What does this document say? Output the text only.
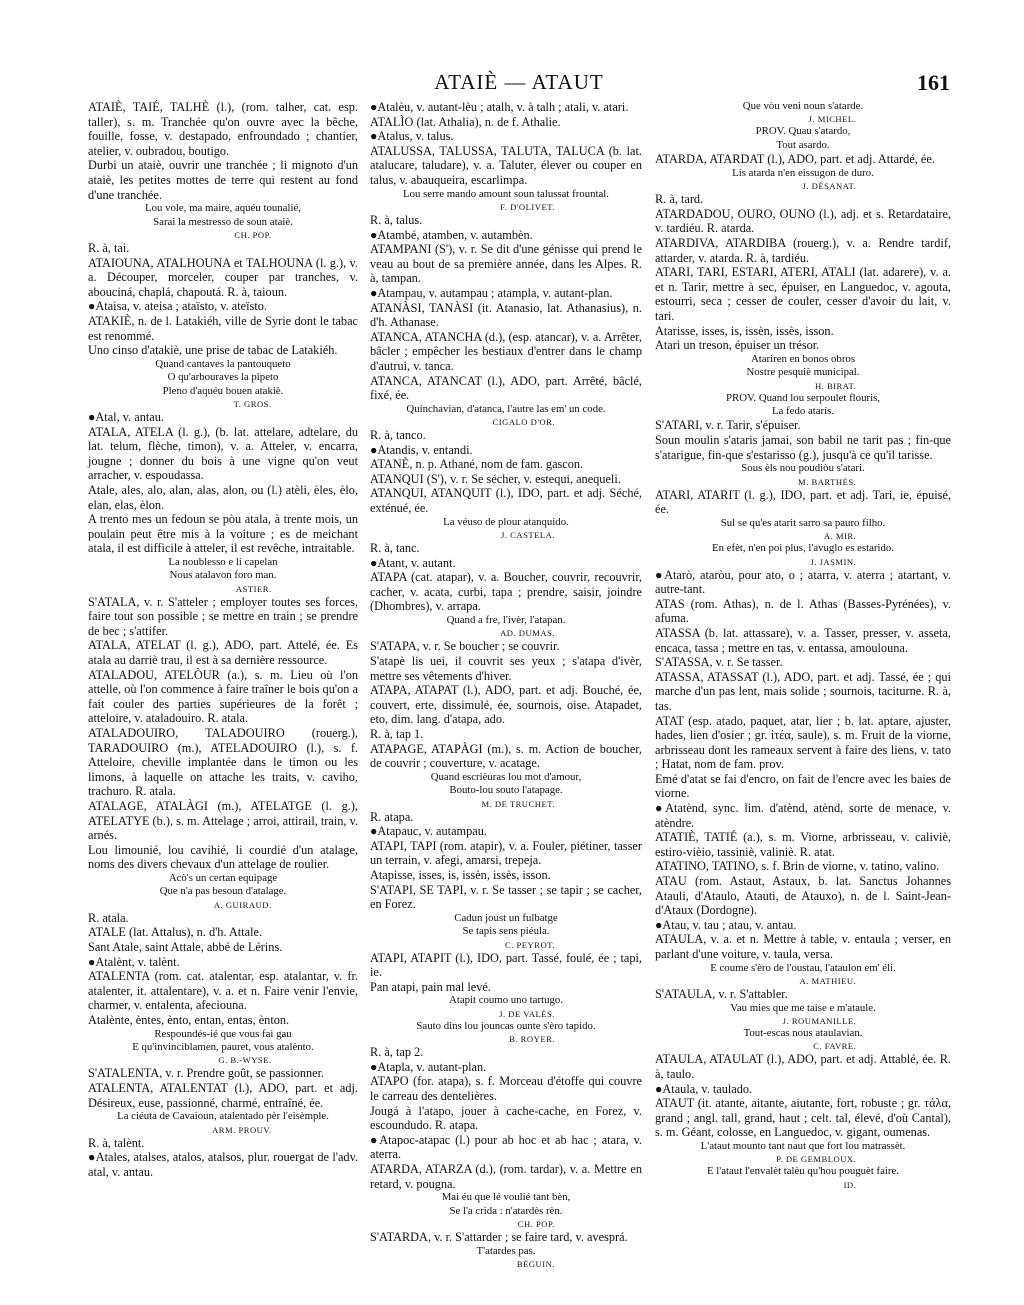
ATAIÈ — ATAUT	161

ATAIÈ, TAIÉ, TALHÈ (l.), (rom. talher, cat. esp. taller), s. m. Tranchée qu'on ouvre avec la bêche, fouille, fosse, v. destapado, enfroundado ; chantier, atelier, v. oubradou, boutigo.

Durbi un ataiè, ouvrir une tranchée ; li mignoto d'un ataiè, les petites mottes de terre qui restent au fond d'une tranchée.

Lou vole, ma maire, aquéu tounalié,

Sarai la mestresso de soun ataiè.

CH. POP.

R. à, tai.

ATAIOUNA, ATALHOUNA et TALHOUNA (l. g.), v. a. Découper, morceler, couper par tranches, v. abouciná, chaplá, chapoutá. R. à, taioun.

●Ataisa, v. ateisa ; ataïsto, v. ateïsto.

ATAKIÈ, n. de l. Latakiéh, ville de Syrie dont le tabac est renommé.

Uno cinso d'atakiè, une prise de tabac de Latakiéh.

Quand cantaves la pantouqueto

O qu'arbouraves la pipeto

Pleno d'aquéu bouen atakiè.

T. GROS.

●Atal, v. antau.

ATALA, ATELA (l. g.), (b. lat. attelare, adtelare, du lat. telum, flèche, timon), v. a. Atteler, v. encarra, jougne ; donner du bois à une vigne qu'on veut arracher, v. espoudassa.

Atale, ales, alo, alan, alas, alon, ou (l.) atèli, èles, èlo, elan, elas, èlon.

A trento mes un fedoun se pòu atala, à trente mois, un poulain peut être mis à la voiture ; es de meichant atala, il est difficile à atteler, il est revêche, intraitable.

La noublesso e li capelan

Nous atalavon foro man.

ASTIER.

S'ATALA, v. r. S'atteler ; employer toutes ses forces, faire tout son possible ; se mettre en train ; se prendre de bec ; s'attifer.

ATALA, ATELAT (l. g.), ADO, part. Attelé, ée. Es atala au darriè trau, il est à sa dernière ressource.

ATALADOU, ATELÒUR (a.), s. m. Lieu où l'on attelle, où l'on commence à faire traîner le bois qu'on a fait couler des parties supérieures de la forêt ; atteloire, v. ataladouiro. R. atala.

ATALADOUIRO, TALADOUIRO (rouerg.), TARADOUIRO (m.), ATELADOUIRO (l.), s. f. Atteloire, cheville implantée dans le timon ou les limons, à laquelle on attache les traits, v. caviho, trachuro. R. atala.

ATALAGE, ATALÀGI (m.), ATELATGE (l. g.), ATELATYE (b.), s. m. Attelage ; arroi, attirail, train, v. arnés.

Lou limounié, lou cavihié, li courdié d'un atalage, noms des divers chevaux d'un attelage de roulier.

Acò's un certan equipage

Que n'a pas besoun d'atalage.

A. GUIRAUD.

R. atala.

ATALE (lat. Attalus), n. d'h. Attale.

Sant Atale, saint Attale, abbé de Lérins.

●Atalènt, v. talènt.

ATALENTA (rom. cat. atalentar, esp. atalantar, v. fr. atalenter, it. attalentare), v. a. et n. Faire venir l'envie, charmer, v. entalenta, afeciouna.

Atalènte, èntes, ènto, entan, entas, ènton.

Respoundés-ié que vous fai gau

E qu'invinciblamen, pauret, vous atalènto.

G. B.-WYSE.

S'ATALENTA, v. r. Prendre goût, se passionner.

ATALENTA, ATALENTAT (l.), ADO, part. et adj. Désireux, euse, passionné, charmé, entraîné, ée.

La ciéuta de Cavaioun, atalentado pèr l'eisèmple.

ARM. PROUV.

R. à, talènt.

●Atales, atalses, atalos, atalsos, plur. rouergat de l'adv. atal, v. antau.

●Atalèu, v. autant-lèu ; atalh, v. à talh ; atali, v. atari.

ATALÌO (lat. Athalia), n. de f. Athalie.

●Atalus, v. talus.

ATALUSSA, TALUSSA, TALUTA, TALUCA (b. lat. atalucare, taludare), v. a. Taluter, élever ou couper en talus, v. abauqueira, escarlimpa.

Lou serre mando amount soun talussat frountal.

F. D'OLIVET.

R. à, talus.

●Atambé, atamben, v. autambèn.

ATAMPANI (S'), v. r. Se dit d'une génisse qui prend le veau au bout de sa première année, dans les Alpes. R. à, tampan.

●Atampau, v. autampau ; atampla, v. autant-plan.

ATANÀSI, TANÀSI (it. Atanasio, lat. Athanasius), n. d'h. Athanase.

ATANCA, ATANCHA (d.), (esp. atancar), v. a. Arrêter, bâcler ; empêcher les bestiaux d'entrer dans le champ d'autrui, v. tanca.

ATANCA, ATANCAT (l.), ADO, part. Arrêté, bâclé, fixé, ée.

Quinchavian, d'atanca, l'autre las em' un code.

CIGALO D'OR.

R. à, tanco.

●Atandis, v. entandi.

ATANÈ, n. p. Athané, nom de fam. gascon.

ATANQUI (S'), v. r. Se sécher, v. estequi, anequeli.

ATANQUI, ATANQUIT (l.), IDO, part. et adj. Séché, exténué, ée.

La véuso de plour atanquido.

J. CASTELA.

R. à, tanc.

●Atant, v. autant.

ATAPA (cat. atapar), v. a. Boucher, couvrir, recouvrir, cacher, v. acata, curbi, tapa ; prendre, saisir, joindre (Dhombres), v. arrapa.

Quand a fre, l'ivèr, l'atapan.

AD. DUMAS.

S'ATAPA, v. r. Se boucher ; se couvrir.

S'atapè lis uei, il couvrit ses yeux ; s'atapa d'ivèr, mettre ses vêtements d'hiver.

ATAPA, ATAPAT (l.), ADO, part. et adj. Bouché, ée, couvert, erte, dissimulé, ée, sournois, oise. Atapadet, eto, dim. lang. d'atapa, ado.

R. à, tap 1.

ATAPAGE, ATAPÀGI (m.), s. m. Action de boucher, de couvrir ; couverture, v. acatage.

Quand escrièuras lou mot d'amour,

Bouto-lou souto l'atapage.

M. DE TRUCHET.

R. atapa.

●Atapauc, v. autampau.

ATAPI, TAPI (rom. atapir), v. a. Fouler, piétiner, tasser un terrain, v. afegi, amarsi, trepeja.

Atapisse, isses, is, issèn, issès, isson.

S'ATAPI, SE TAPI, v. r. Se tasser ; se tapir ; se cacher, en Forez.

Cadun joust un fulbatge

Se tapis sens piéula.

C. PEYROT.

ATAPI, ATAPIT (l.), IDO, part. Tassé, foulé, ée ; tapi, ie.

Pan atapi, pain mal levé.

Atapit coumo uno tartugo.

J. DE VALÈS.

Sauto dins lou jouncas ounte s'èro tapido.

B. ROYER.

R. à, tap 2.

●Atapla, v. autant-plan.

ATAPO (for. atapa), s. f. Morceau d'étoffe qui couvre le carreau des dentelières.

Jougá à l'atapo, jouer à cache-cache, en Forez, v. escoundudo. R. atapa.

●Atapoc-atapac (l.) pour ab hoc et ab hac ; atara, v. aterra.

ATARDA, ATARZA (d.), (rom. tardar), v. a. Mettre en retard, v. pougna.

Mai éu que lé voulié tant bèn,

Se l'a crida : n'atardès rèn.

CH. POP.

S'ATARDA, v. r. S'attarder ; se faire tard, v. avesprá.

T'atardes pas.

BÉGUIN.

Que vòu veni noun s'atarde.

J. MICHEL.

PROV. Quau s'atardo,

Tout asardo.

ATARDA, ATARDAT (l.), ADO, part. et adj. Attardé, ée.

Lis atarda n'en eissugon de duro.

J. DÉSANAT.

R. à, tard.

ATARDADOU, OURO, OUNO (l.), adj. et s. Retardataire, v. tardiéu. R. atarda.

ATARDIVA, ATARDIBA (rouerg.), v. a. Rendre tardif, attarder, v. atarda. R. à, tardiéu.

ATARI, TARI, ESTARI, ATERI, ATALI (lat. adarere), v. a. et n. Tarir, mettre à sec, épuiser, en Languedoc, v. agouta, estourri, seca ; cesser de couler, cesser d'avoir du lait, v. tari.

Atarisse, isses, is, issèn, issès, isson.

Atari un treson, épuiser un trésor.

Atariren en bonos obros

Nostre pesquiè municipal.

H. BIRAT.

PROV. Quand lou serpoulet flouris,

La fedo atarís.

S'ATARI, v. r. Tarir, s'épuiser.

Soun moulin s'ataris jamai, son babil ne tarit pas ; fin-que s'atarigue, fin-que s'estarisso (g.), jusqu'à ce qu'il tarisse.

Sous èls nou poudiòu s'atari.

M. BARTHÉS.

ATARI, ATARIT (l. g.), IDO, part. et adj. Tari, ie, épuisé, ée.

Sul se qu'es atarit sarro sa pauro filho.

A. MIR.

En efèt, n'en poi plus, l'avuglo es estarido.

J. JASMIN.

●Atarò, ataròu, pour ato, o ; atarra, v. aterra ; atartant, v. autre-tant.

ATAS (rom. Athas), n. de l. Athas (Basses-Pyrénées), v. afuma.

ATASSA (b. lat. attassare), v. a. Tasser, presser, v. asseta, encaca, tassa ; mettre en tas, v. entassa, amoulouna.

S'ATASSA, v. r. Se tasser.

ATASSA, ATASSAT (l.), ADO, part. et adj. Tassé, ée ; qui marche d'un pas lent, mais solide ; sournois, taciturne. R. à, tas.

ATAT (esp. atado, paquet, atar, lier ; b. lat. aptare, ajuster, hades, lien d'osier ; gr. ἰτέα, saule), s. m. Fruit de la viorne, arbrisseau dont les rameaux servent à faire des liens, v. tato ; Hatat, nom de fam. prov.

Emé d'atat se fai d'encro, on fait de l'encre avec les baies de viorne.

●Atatènd, sync. lim. d'atènd, atènd, sorte de menace, v. atèndre.

ATATIÈ, TATIÉ (a.), s. m. Viorne, arbrisseau, v. caliviè, estiro-vièio, tassiniè, valiniè. R. atat.

ATATINO, TATINO, s. f. Brin de viorne, v. tatino, valino.

ATAU (rom. Astaut, Astaux, b. lat. Sanctus Johannes Atauli, d'Ataulo, Atauti, de Atauxo), n. de l. Saint-Jean-d'Ataux (Dordogne).

●Atau, v. tau ; atau, v. antau.

ATAULA, v. a. et n. Mettre à table, v. entaula ; verser, en parlant d'une voiture, v. taula, versa.

E coume s'èro de l'oustau, l'ataulon em' éli.

A. MATHIEU.

S'ATAULA, v. r. S'attabler.

Vau mies que me taise e m'ataule.

J. ROUMANILLE.

Tout-escas nous ataulavian.

C. FAVRE.

ATAULA, ATAULAT (l.), ADO, part. et adj. Attablé, ée. R. à, taulo.

●Ataula, v. taulado.

ATAUT (it. atante, aitante, aiutante, fort, robuste ; gr. τάλα, grand ; angl. tall, grand, haut ; celt. tal, élevé, d'où Cantal), s. m. Géant, colosse, en Languedoc, v. gigant, oumenas.

L'ataut mounto tant naut que fort lou matrassèt.

P. DE GEMBLOUX.

E l'ataut l'envalèt talèu qu'hou pouguèt faire.

ID.
